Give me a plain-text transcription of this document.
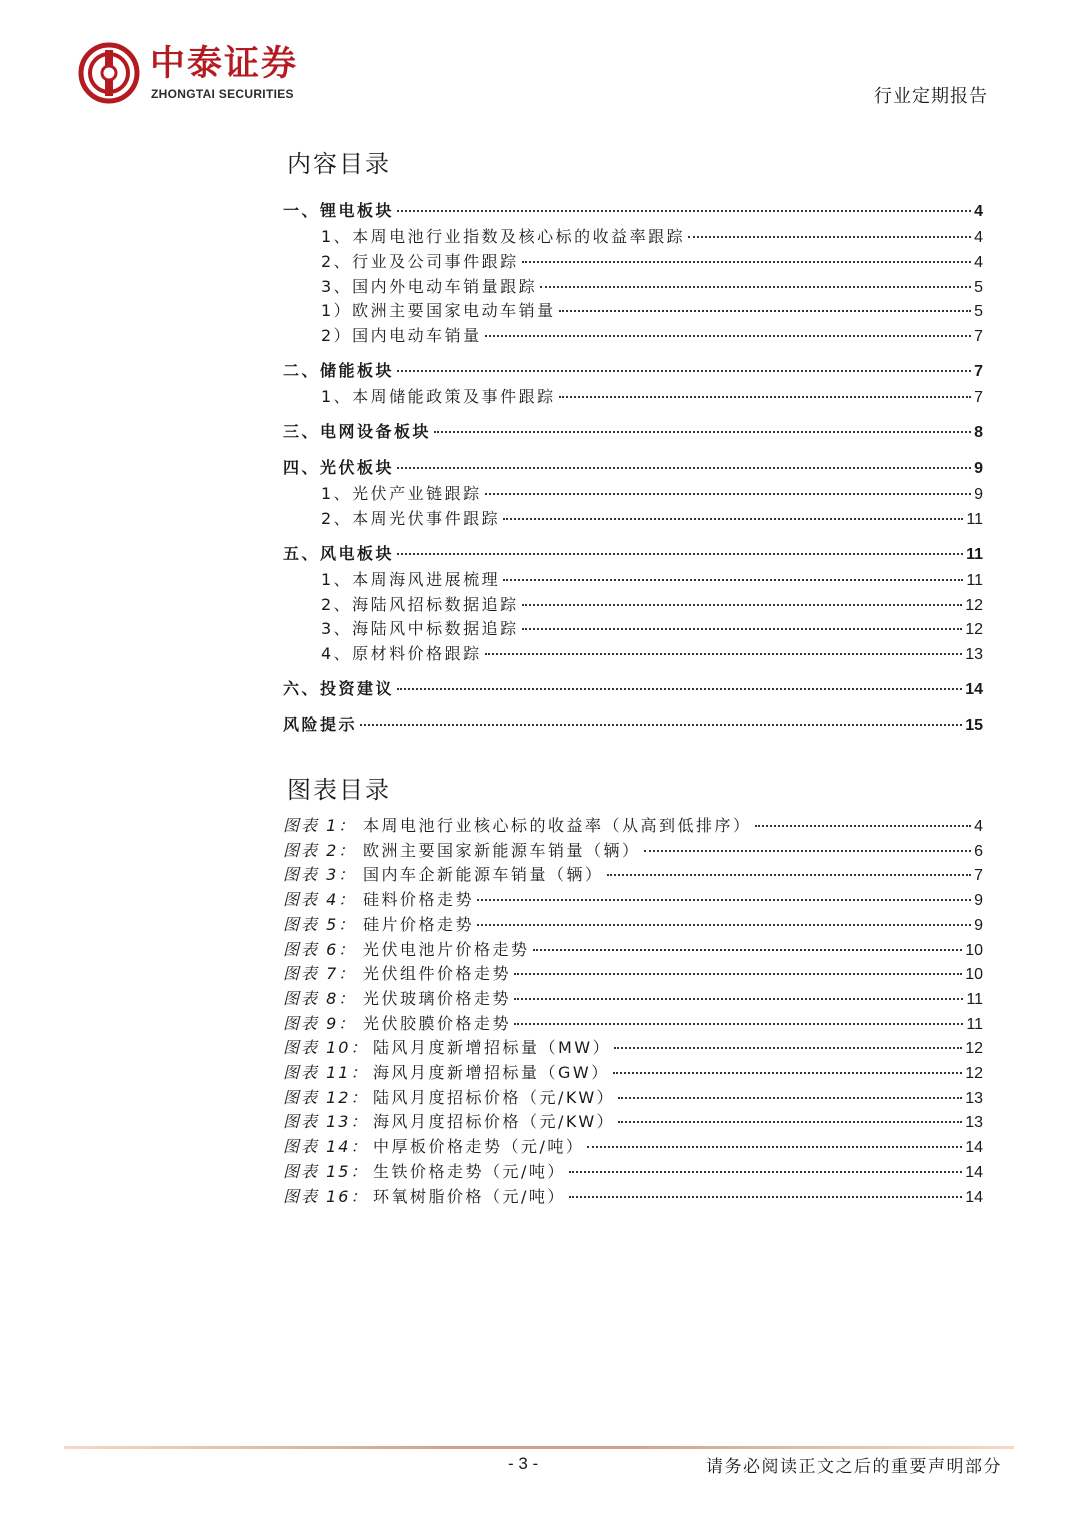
中泰证券
ZHONGTAI SECURITIES	行业定期报告
内容目录
一、锂电板块	4
1、本周电池行业指数及核心标的收益率跟踪	4
2、行业及公司事件跟踪	4
3、国内外电动车销量跟踪	5
1）欧洲主要国家电动车销量	5
2）国内电动车销量	7
二、储能板块	7
1、本周储能政策及事件跟踪	7
三、电网设备板块	8
四、光伏板块	9
1、光伏产业链跟踪	9
2、本周光伏事件跟踪	11
五、风电板块	11
1、本周海风进展梳理	11
2、海陆风招标数据追踪	12
3、海陆风中标数据追踪	12
4、原材料价格跟踪	13
六、投资建议	14
风险提示	15
图表目录
图表 1： 本周电池行业核心标的收益率（从高到低排序）	4
图表 2： 欧洲主要国家新能源车销量（辆）	6
图表 3： 国内车企新能源车销量（辆）	7
图表 4： 硅料价格走势	9
图表 5： 硅片价格走势	9
图表 6： 光伏电池片价格走势	10
图表 7： 光伏组件价格走势	10
图表 8： 光伏玻璃价格走势	11
图表 9： 光伏胶膜价格走势	11
图表 10： 陆风月度新增招标量（MW）	12
图表 11： 海风月度新增招标量（GW）	12
图表 12： 陆风月度招标价格（元/KW）	13
图表 13： 海风月度招标价格（元/KW）	13
图表 14： 中厚板价格走势（元/吨）	14
图表 15： 生铁价格走势（元/吨）	14
图表 16： 环氧树脂价格（元/吨）	14
- 3 -	请务必阅读正文之后的重要声明部分
